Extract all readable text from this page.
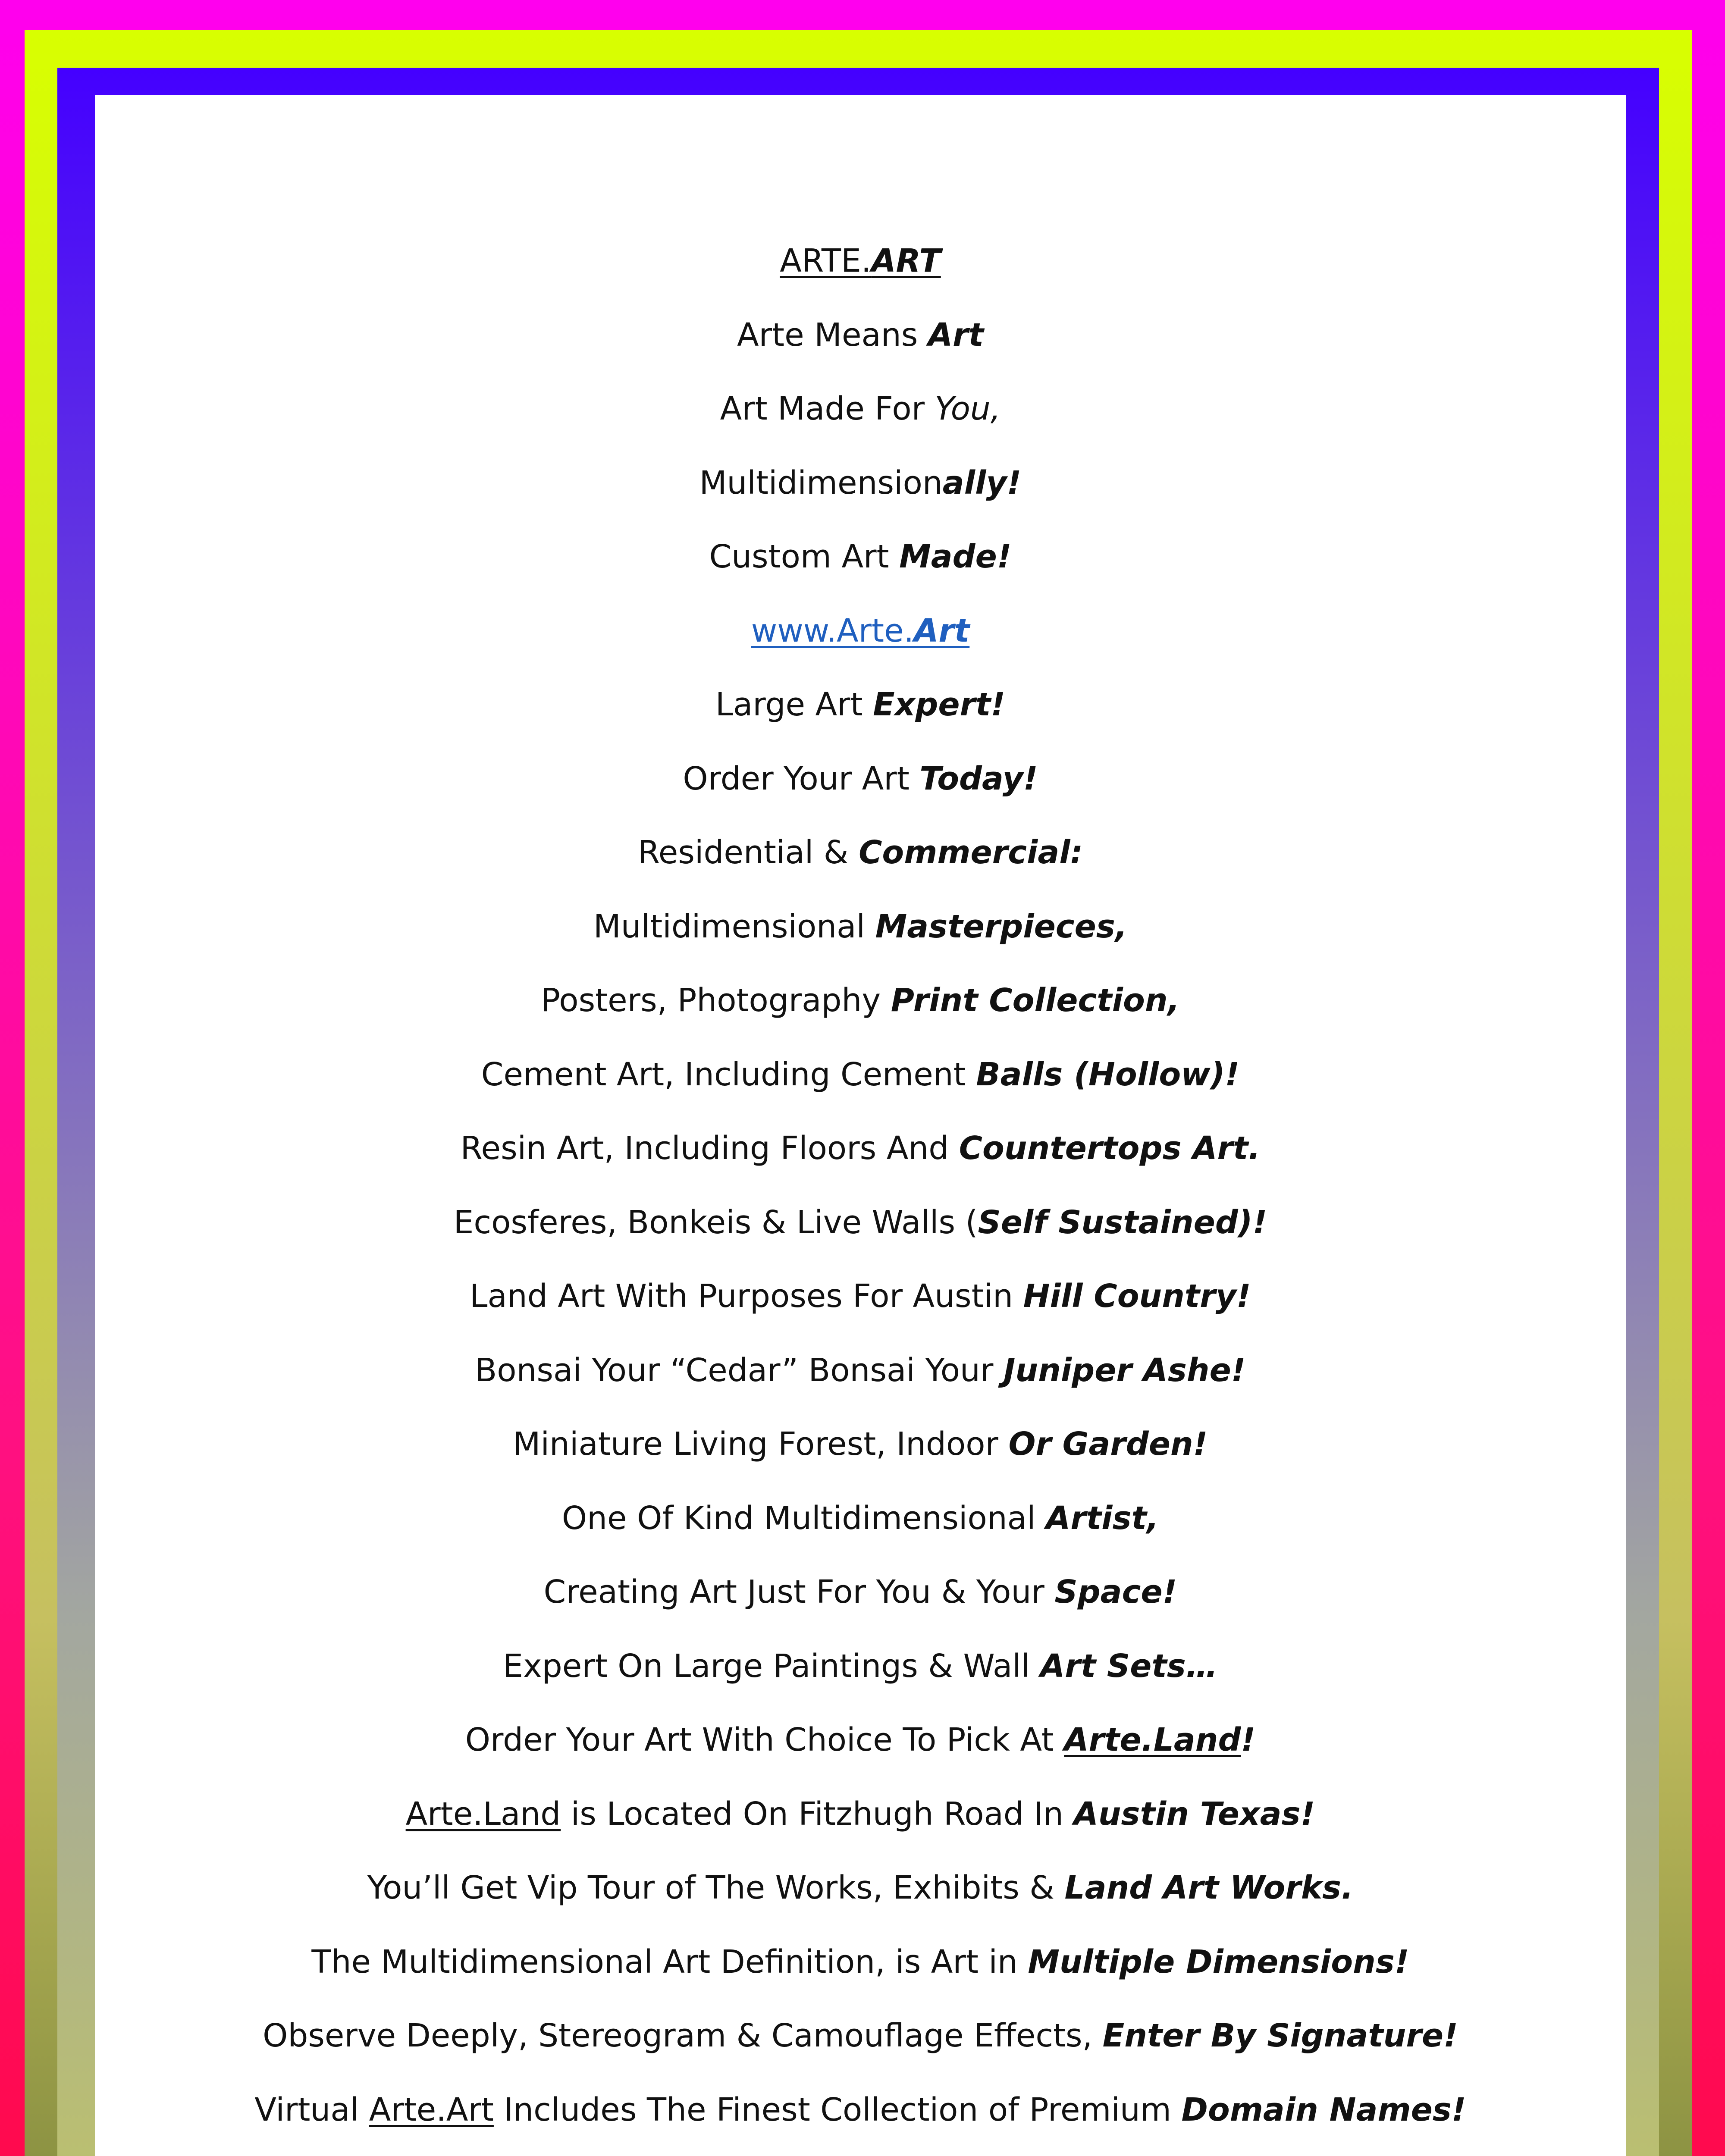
ARTE.ART
Arte Means Art
Art Made For You,
Multidimensionally!
Custom Art Made!
www.Arte.Art
Large Art Expert!
Order Your Art Today!
Residential & Commercial:
Multidimensional Masterpieces,
Posters, Photography Print Collection,
Cement Art, Including Cement Balls (Hollow)!
Resin Art, Including Floors And Countertops Art.
Ecosferes, Bonkeis & Live Walls (Self Sustained)!
Land Art With Purposes For Austin Hill Country!
Bonsai Your “Cedar” Bonsai Your Juniper Ashe!
Miniature Living Forest, Indoor Or Garden!
One Of Kind Multidimensional Artist,
Creating Art Just For You & Your Space!
Expert On Large Paintings & Wall Art Sets…
Order Your Art With Choice To Pick At Arte.Land!
Arte.Land is Located On Fitzhugh Road In Austin Texas!
You’ll Get Vip Tour of The Works, Exhibits & Land Art Works.
The Multidimensional Art Definition, is Art in Multiple Dimensions!
Observe Deeply, Stereogram & Camouflage Effects, Enter By Signature!
Virtual Arte.Art Includes The Finest Collection of Premium Domain Names!
